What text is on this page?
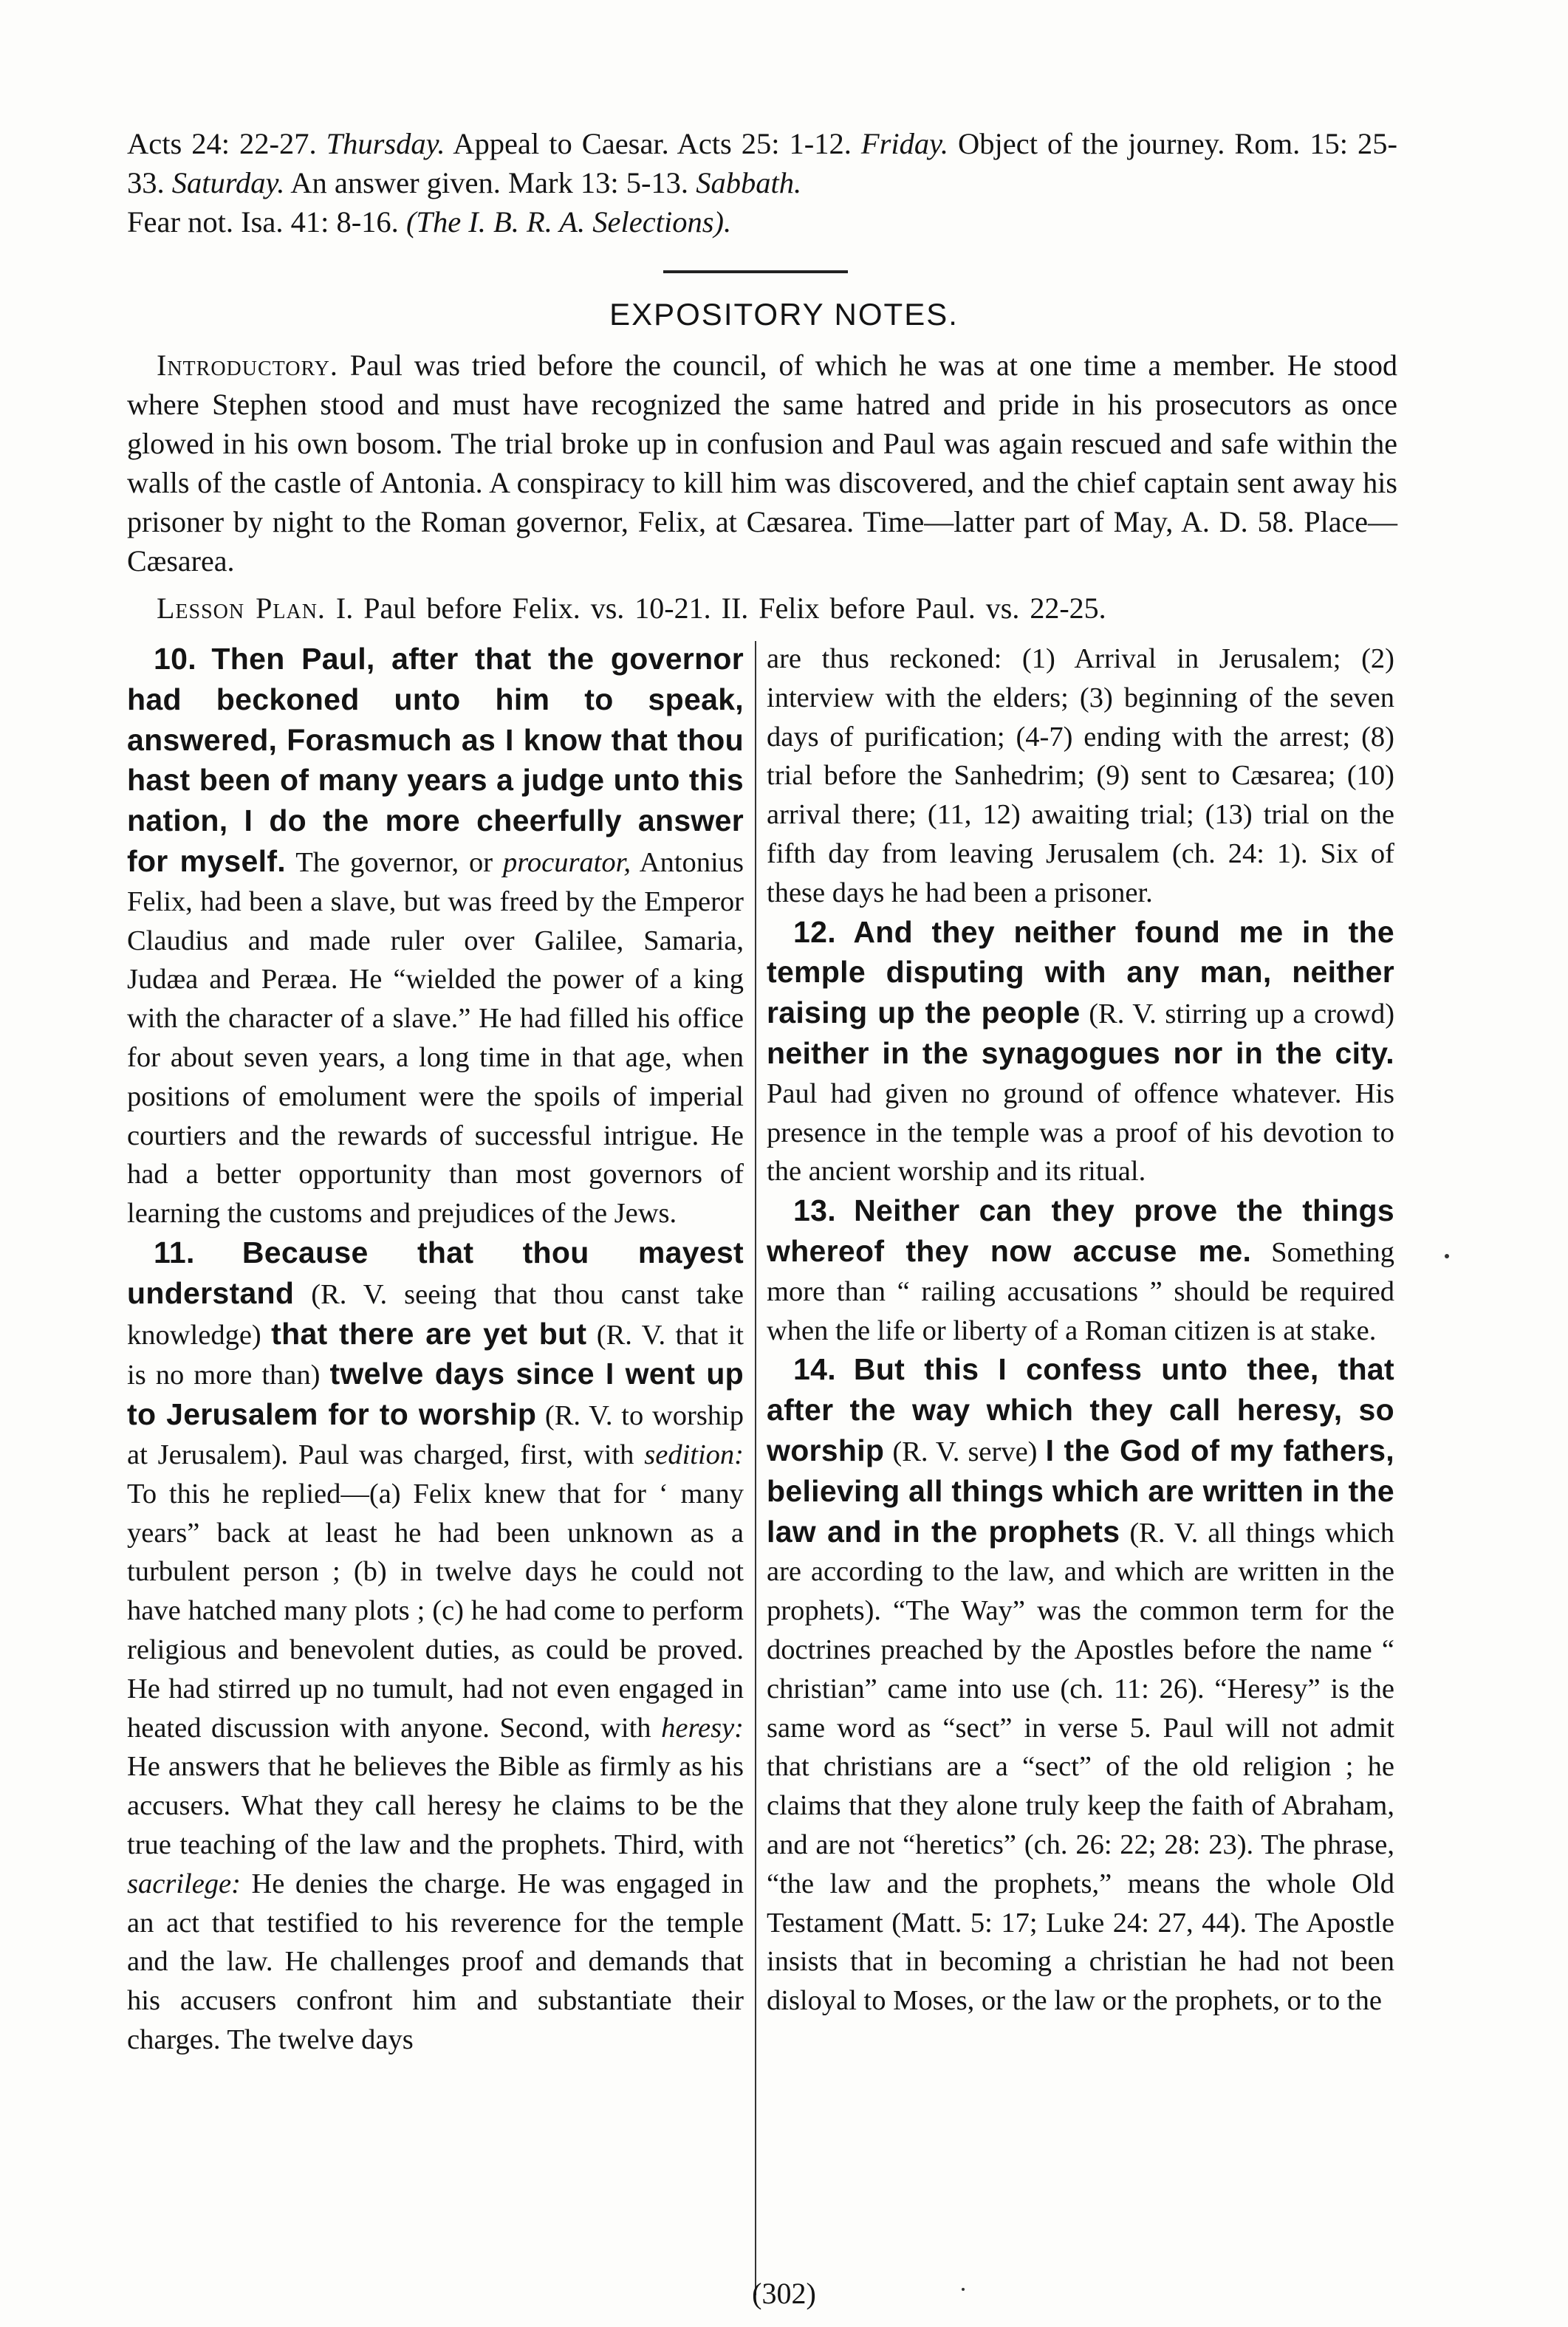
Acts 24: 22-27. Thursday. Appeal to Caesar. Acts 25: 1-12. Friday. Object of the journey. Rom. 15: 25-33. Saturday. An answer given. Mark 13: 5-13. Sabbath.
Fear not. Isa. 41: 8-16. (The I. B. R. A. Selections).
EXPOSITORY NOTES.
Introductory. Paul was tried before the council, of which he was at one time a member. He stood where Stephen stood and must have recognized the same hatred and pride in his prosecutors as once glowed in his own bosom. The trial broke up in confusion and Paul was again rescued and safe within the walls of the castle of Antonia. A conspiracy to kill him was discovered, and the chief captain sent away his prisoner by night to the Roman governor, Felix, at Cæsarea. Time—latter part of May, A. D. 58. Place—Cæsarea.
Lesson Plan. I. Paul before Felix. vs. 10-21. II. Felix before Paul. vs. 22-25.

10. Then Paul, after that the governor had beckoned unto him to speak, answered, Forasmuch as I know that thou hast been of many years a judge unto this nation, I do the more cheerfully answer for myself. The governor, or procurator, Antonius Felix, had been a slave, but was freed by the Emperor Claudius and made ruler over Galilee, Samaria, Judæa and Peræa. He “wielded the power of a king with the character of a slave.” He had filled his office for about seven years, a long time in that age, when positions of emolument were the spoils of imperial courtiers and the rewards of successful intrigue. He had a better opportunity than most governors of learning the customs and prejudices of the Jews.

11. Because that thou mayest understand (R. V. seeing that thou canst take knowledge) that there are yet but (R. V. that it is no more than) twelve days since I went up to Jerusalem for to worship (R. V. to worship at Jerusalem). Paul was charged, first, with sedition: To this he replied—(a) Felix knew that for ‘ many years” back at least he had been unknown as a turbulent person ; (b) in twelve days he could not have hatched many plots ; (c) he had come to perform religious and benevolent duties, as could be proved. He had stirred up no tumult, had not even engaged in heated discussion with anyone. Second, with heresy: He answers that he believes the Bible as firmly as his accusers. What they call heresy he claims to be the true teaching of the law and the prophets. Third, with sacrilege: He denies the charge. He was engaged in an act that testified to his reverence for the temple and the law. He challenges proof and demands that his accusers confront him and substantiate their charges. The twelve days

are thus reckoned: (1) Arrival in Jerusalem; (2) interview with the elders; (3) beginning of the seven days of purification; (4-7) ending with the arrest; (8) trial before the Sanhedrim; (9) sent to Cæsarea; (10) arrival there; (11, 12) awaiting trial; (13) trial on the fifth day from leaving Jerusalem (ch. 24: 1). Six of these days he had been a prisoner.

12. And they neither found me in the temple disputing with any man, neither raising up the people (R. V. stirring up a crowd) neither in the synagogues nor in the city. Paul had given no ground of offence whatever. His presence in the temple was a proof of his devotion to the ancient worship and its ritual.

13. Neither can they prove the things whereof they now accuse me. Something more than “ railing accusations ” should be required when the life or liberty of a Roman citizen is at stake.

14. But this I confess unto thee, that after the way which they call heresy, so worship (R. V. serve) I the God of my fathers, believing all things which are written in the law and in the prophets (R. V. all things which are according to the law, and which are written in the prophets). “The Way” was the common term for the doctrines preached by the Apostles before the name “ christian” came into use (ch. 11: 26). “Heresy” is the same word as “sect” in verse 5. Paul will not admit that christians are a “sect” of the old religion ; he claims that they alone truly keep the faith of Abraham, and are not “heretics” (ch. 26: 22; 28: 23). The phrase, “the law and the prophets,” means the whole Old Testament (Matt. 5: 17; Luke 24: 27, 44). The Apostle insists that in becoming a christian he had not been disloyal to Moses, or the law or the prophets, or to the

(302)
